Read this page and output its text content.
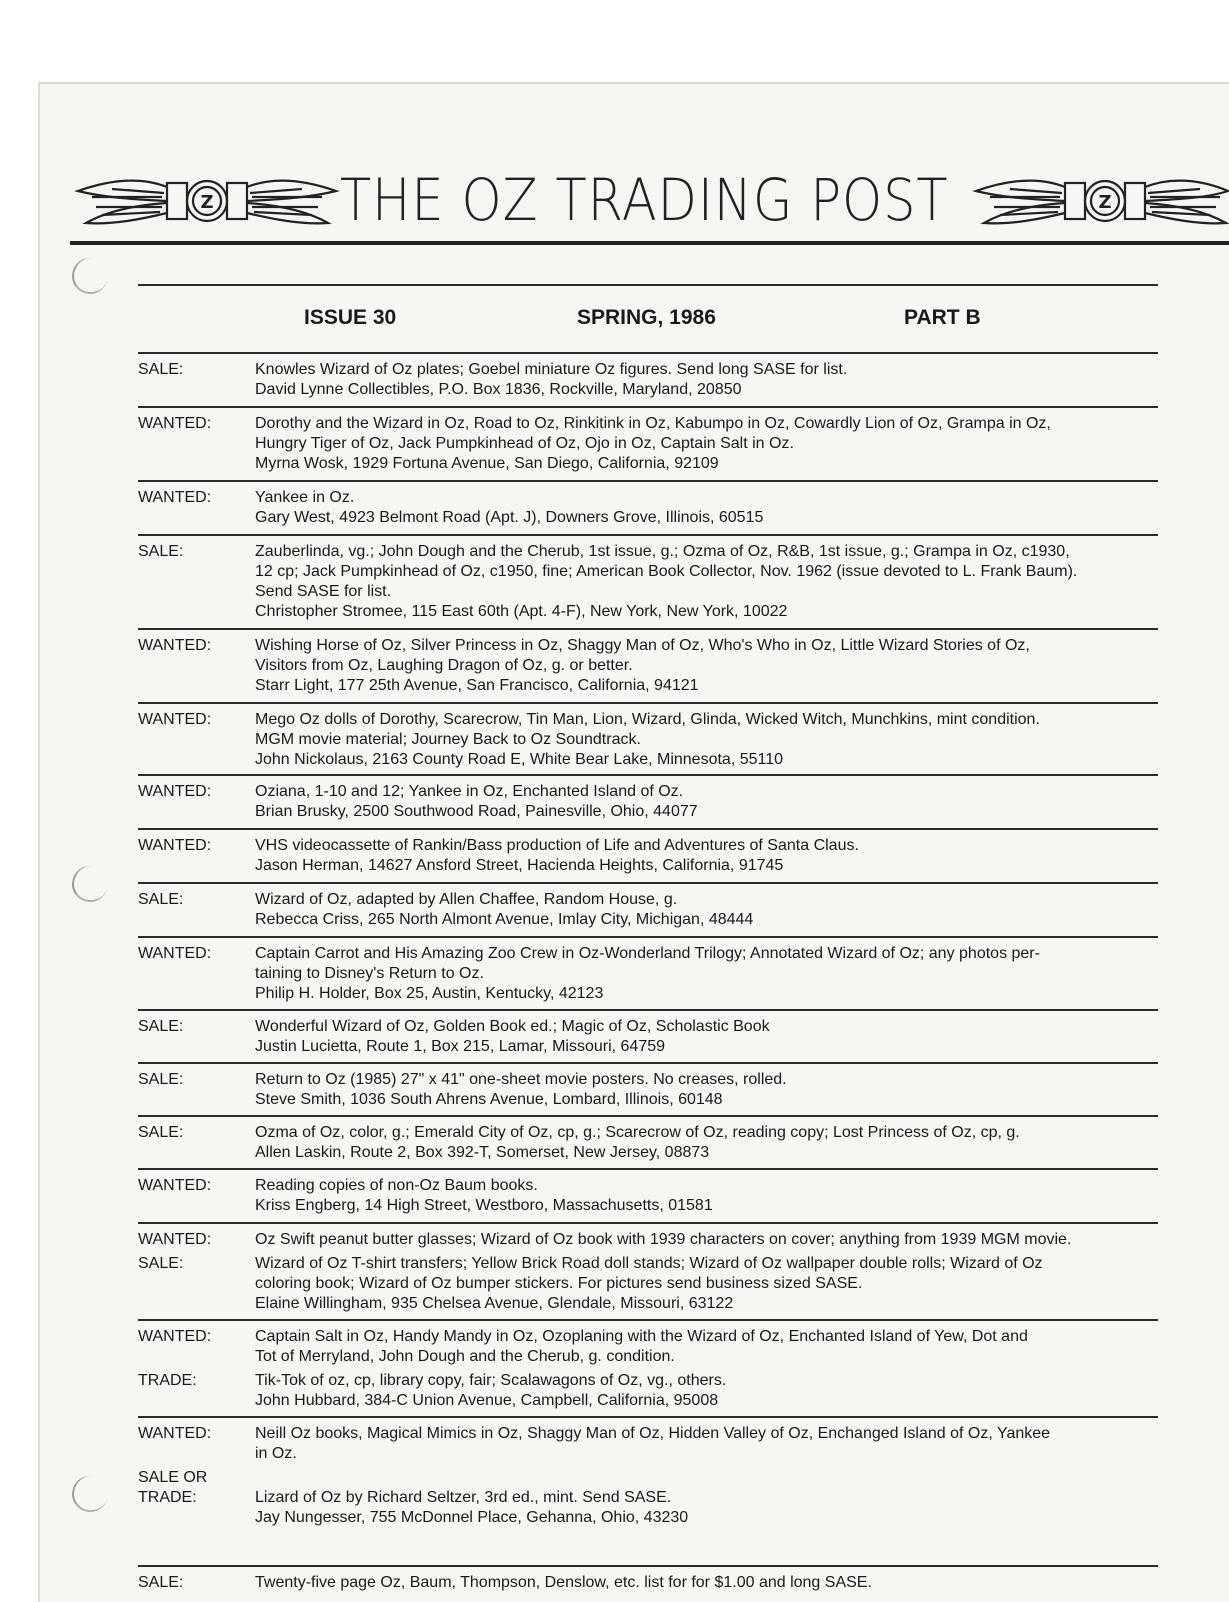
Z THE OZ TRADING POST	Z
ISSUE 30	SPRING, 1986	PART B
SALE:	Knowles Wizard of Oz plates; Goebel miniature Oz figures. Send long SASE for list.
David Lynne Collectibles, P.O. Box 1836, Rockville, Maryland, 20850
WANTED:	Dorothy and the Wizard in Oz, Road to Oz, Rinkitink in Oz, Kabumpo in Oz, Cowardly Lion of Oz, Grampa in Oz,
Hungry Tiger of Oz, Jack Pumpkinhead of Oz, Ojo in Oz, Captain Salt in Oz.
Myrna Wosk, 1929 Fortuna Avenue, San Diego, California, 92109
WANTED:	Yankee in Oz.
Gary West, 4923 Belmont Road (Apt. J), Downers Grove, Illinois, 60515
SALE:	Zauberlinda, vg.; John Dough and the Cherub, 1st issue, g.; Ozma of Oz, R&B, 1st issue, g.; Grampa in Oz, c1930,
12 cp; Jack Pumpkinhead of Oz, c1950, fine; American Book Collector, Nov. 1962 (issue devoted to L. Frank Baum).
Send SASE for list.
Christopher Stromee, 115 East 60th (Apt. 4-F), New York, New York, 10022
WANTED:	Wishing Horse of Oz, Silver Princess in Oz, Shaggy Man of Oz, Who's Who in Oz, Little Wizard Stories of Oz,
Visitors from Oz, Laughing Dragon of Oz, g. or better.
Starr Light, 177 25th Avenue, San Francisco, California, 94121
WANTED:	Mego Oz dolls of Dorothy, Scarecrow, Tin Man, Lion, Wizard, Glinda, Wicked Witch, Munchkins, mint condition.
MGM movie material; Journey Back to Oz Soundtrack.
John Nickolaus, 2163 County Road E, White Bear Lake, Minnesota, 55110
WANTED:	Oziana, 1-10 and 12; Yankee in Oz, Enchanted Island of Oz.
Brian Brusky, 2500 Southwood Road, Painesville, Ohio, 44077
WANTED:	VHS videocassette of Rankin/Bass production of Life and Adventures of Santa Claus.
Jason Herman, 14627 Ansford Street, Hacienda Heights, California, 91745
SALE:	Wizard of Oz, adapted by Allen Chaffee, Random House, g.
Rebecca Criss, 265 North Almont Avenue, Imlay City, Michigan, 48444
WANTED:	Captain Carrot and His Amazing Zoo Crew in Oz-Wonderland Trilogy; Annotated Wizard of Oz; any photos per-
taining to Disney's Return to Oz.
Philip H. Holder, Box 25, Austin, Kentucky, 42123
SALE:	Wonderful Wizard of Oz, Golden Book ed.; Magic of Oz, Scholastic Book
Justin Lucietta, Route 1, Box 215, Lamar, Missouri, 64759
SALE:	Return to Oz (1985) 27" x 41" one-sheet movie posters. No creases, rolled.
Steve Smith, 1036 South Ahrens Avenue, Lombard, Illinois, 60148
SALE:	Ozma of Oz, color, g.; Emerald City of Oz, cp, g.; Scarecrow of Oz, reading copy; Lost Princess of Oz, cp, g.
Allen Laskin, Route 2, Box 392-T, Somerset, New Jersey, 08873
WANTED:	Reading copies of non-Oz Baum books.
Kriss Engberg, 14 High Street, Westboro, Massachusetts, 01581
WANTED:	Oz Swift peanut butter glasses; Wizard of Oz book with 1939 characters on cover; anything from 1939 MGM movie.
SALE:	Wizard of Oz T-shirt transfers; Yellow Brick Road doll stands; Wizard of Oz wallpaper double rolls; Wizard of Oz
coloring book; Wizard of Oz bumper stickers. For pictures send business sized SASE.
Elaine Willingham, 935 Chelsea Avenue, Glendale, Missouri, 63122
WANTED:	Captain Salt in Oz, Handy Mandy in Oz, Ozoplaning with the Wizard of Oz, Enchanted Island of Yew, Dot and
Tot of Merryland, John Dough and the Cherub, g. condition.
TRADE:	Tik-Tok of oz, cp, library copy, fair; Scalawagons of Oz, vg., others.
John Hubbard, 384-C Union Avenue, Campbell, California, 95008
WANTED:	Neill Oz books, Magical Mimics in Oz, Shaggy Man of Oz, Hidden Valley of Oz, Enchanged Island of Oz, Yankee
in Oz.
SALE OR
TRADE:
	Lizard of Oz by Richard Seltzer, 3rd ed., mint. Send SASE.
Jay Nungesser, 755 McDonnel Place, Gehanna, Ohio, 43230
SALE:	Twenty-five page Oz, Baum, Thompson, Denslow, etc. list for for $1.00 and long SASE.
